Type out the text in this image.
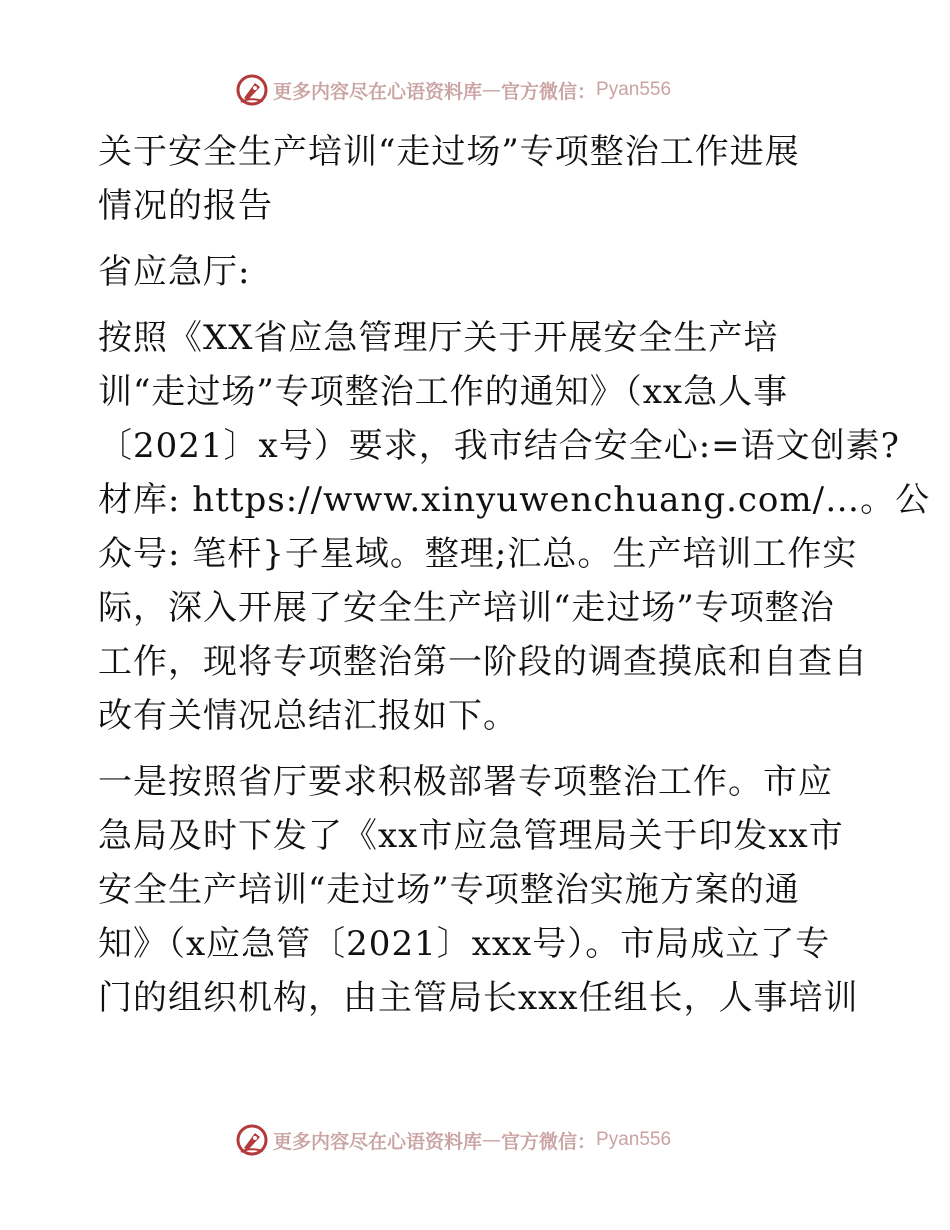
更多内容尽在心语资料库 — 官方微信： Pyan556
关于安全生产培训“走过场”专项整治工作进展
情况的报告
省应急厅:
按照《XX省应急管理厅关于开展安全生产培
训“走过场”专项整治工作的通知》（xx急人事
〔2021〕x号）要求，我市结合安全心:=语文创素?
材库: https://www.xinyuwenchuang.com/…。公
众号: 笔杆}子星域。整理;汇总。生产培训工作实
际，深入开展了安全生产培训“走过场”专项整治
工作，现将专项整治第一阶段的调查摸底和自查自
改有关情况总结汇报如下。
一是按照省厅要求积极部署专项整治工作。市应
急局及时下发了《xx市应急管理局关于印发xx市
安全生产培训“走过场”专项整治实施方案的通
知》（x应急管〔2021〕xxx号）。市局成立了专
门的组织机构，由主管局长xxx任组长，人事培训
更多内容尽在心语资料库 — 官方微信： Pyan556
